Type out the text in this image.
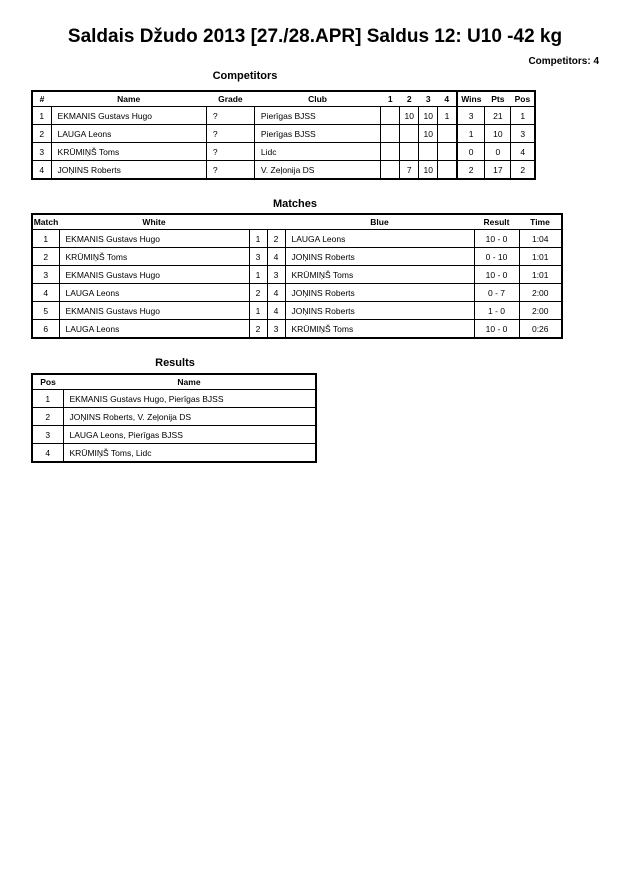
Saldais Džudo 2013 [27./28.APR] Saldus 12: U10 -42 kg
Competitors: 4
Competitors
#	Name	Grade	Club	1	2	3	4	Wins	Pts	Pos
1	EKMANIS Gustavs Hugo	?	Pierīgas BJSS		10	10	1	3	21	1
2	LAUGA Leons	?	Pierīgas BJSS			10		1	10	3
3	KRŪMIŅŠ Toms	?	Lidc					0	0	4
4	JOŅINS Roberts	?	V. Zeļonija DS		7	10		2	17	2
Matches
Match	White			Blue	Result	Time
1	EKMANIS Gustavs Hugo	1	2	LAUGA Leons	10 - 0	1:04
2	KRŪMIŅŠ Toms	3	4	JOŅINS Roberts	0 - 10	1:01
3	EKMANIS Gustavs Hugo	1	3	KRŪMIŅŠ Toms	10 - 0	1:01
4	LAUGA Leons	2	4	JOŅINS Roberts	0 - 7	2:00
5	EKMANIS Gustavs Hugo	1	4	JOŅINS Roberts	1 - 0	2:00
6	LAUGA Leons	2	3	KRŪMIŅŠ Toms	10 - 0	0:26
Results
Pos	Name
1	EKMANIS Gustavs Hugo, Pierīgas BJSS
2	JOŅINS Roberts, V. Zeļonija DS
3	LAUGA Leons, Pierīgas BJSS
4	KRŪMIŅŠ Toms, Lidc
